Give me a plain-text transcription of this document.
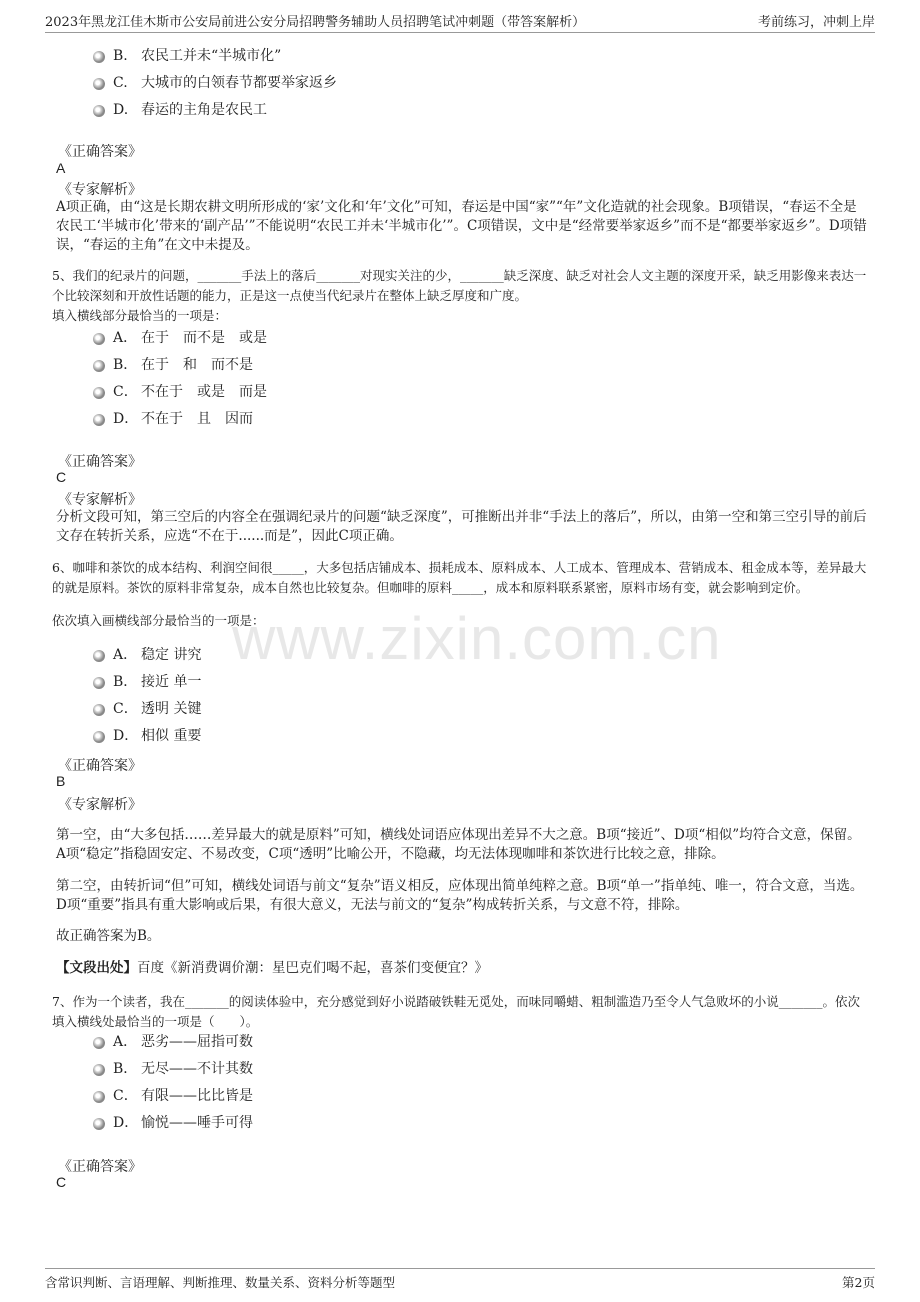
2023年黑龙江佳木斯市公安局前进公安分局招聘警务辅助人员招聘笔试冲刺题（带答案解析）	考前练习，冲刺上岸
www.zixin.com.cn
B. 农民工并未“半城市化”
C. 大城市的白领春节都要举家返乡
D. 春运的主角是农民工
《正确答案》
A
《专家解析》
A项正确，由“这是长期农耕文明所形成的‘家’文化和‘年’文化”可知，春运是中国“家”“年”文化造就的社会现象。B项错误，“春运不全是农民工‘半城市化’带来的‘副产品’”不能说明“农民工并未‘半城市化’”。C项错误，文中是“经常要举家返乡”而不是“都要举家返乡”。D项错误，“春运的主角”在文中未提及。
5、我们的纪录片的问题，_______手法上的落后_______对现实关注的少，_______缺乏深度、缺乏对社会人文主题的深度开采，缺乏用影像来表达一个比较深刻和开放性话题的能力，正是这一点使当代纪录片在整体上缺乏厚度和广度。
填入横线部分最恰当的一项是：
A． 在于　而不是　或是
B． 在于　和　而不是
C． 不在于　或是　而是
D． 不在于　且　因而
《正确答案》
C
《专家解析》
分析文段可知，第三空后的内容全在强调纪录片的问题“缺乏深度”，可推断出并非“手法上的落后”，所以，由第一空和第三空引导的前后文存在转折关系，应选“不在于......而是”，因此C项正确。
6、咖啡和茶饮的成本结构、利润空间很_____，大多包括店铺成本、损耗成本、原料成本、人工成本、管理成本、营销成本、租金成本等，差异最大的就是原料。茶饮的原料非常复杂，成本自然也比较复杂。但咖啡的原料_____，成本和原料联系紧密，原料市场有变，就会影响到定价。
依次填入画横线部分最恰当的一项是：
A． 稳定 讲究
B． 接近 单一
C． 透明 关键
D． 相似 重要
《正确答案》
B
《专家解析》
第一空，由“大多包括……差异最大的就是原料”可知，横线处词语应体现出差异不大之意。B项“接近”、D项“相似”均符合文意，保留。A项“稳定”指稳固安定、不易改变，C项“透明”比喻公开，不隐藏，均无法体现咖啡和茶饮进行比较之意，排除。
第二空，由转折词“但”可知，横线处词语与前文“复杂”语义相反，应体现出简单纯粹之意。B项“单一”指单纯、唯一，符合文意，当选。D项“重要”指具有重大影响或后果，有很大意义，无法与前文的“复杂”构成转折关系，与文意不符，排除。
故正确答案为B。
【文段出处】百度《新消费调价潮：星巴克们喝不起，喜茶们变便宜？》
7、作为一个读者，我在_______的阅读体验中，充分感觉到好小说踏破铁鞋无觅处，而味同嚼蜡、粗制滥造乃至令人气急败坏的小说_______。依次填入横线处最恰当的一项是（　　）。
A． 恶劣——屈指可数
B． 无尽——不计其数
C． 有限——比比皆是
D． 愉悦——唾手可得
《正确答案》
C
含常识判断、言语理解、判断推理、数量关系、资料分析等题型	第2页
